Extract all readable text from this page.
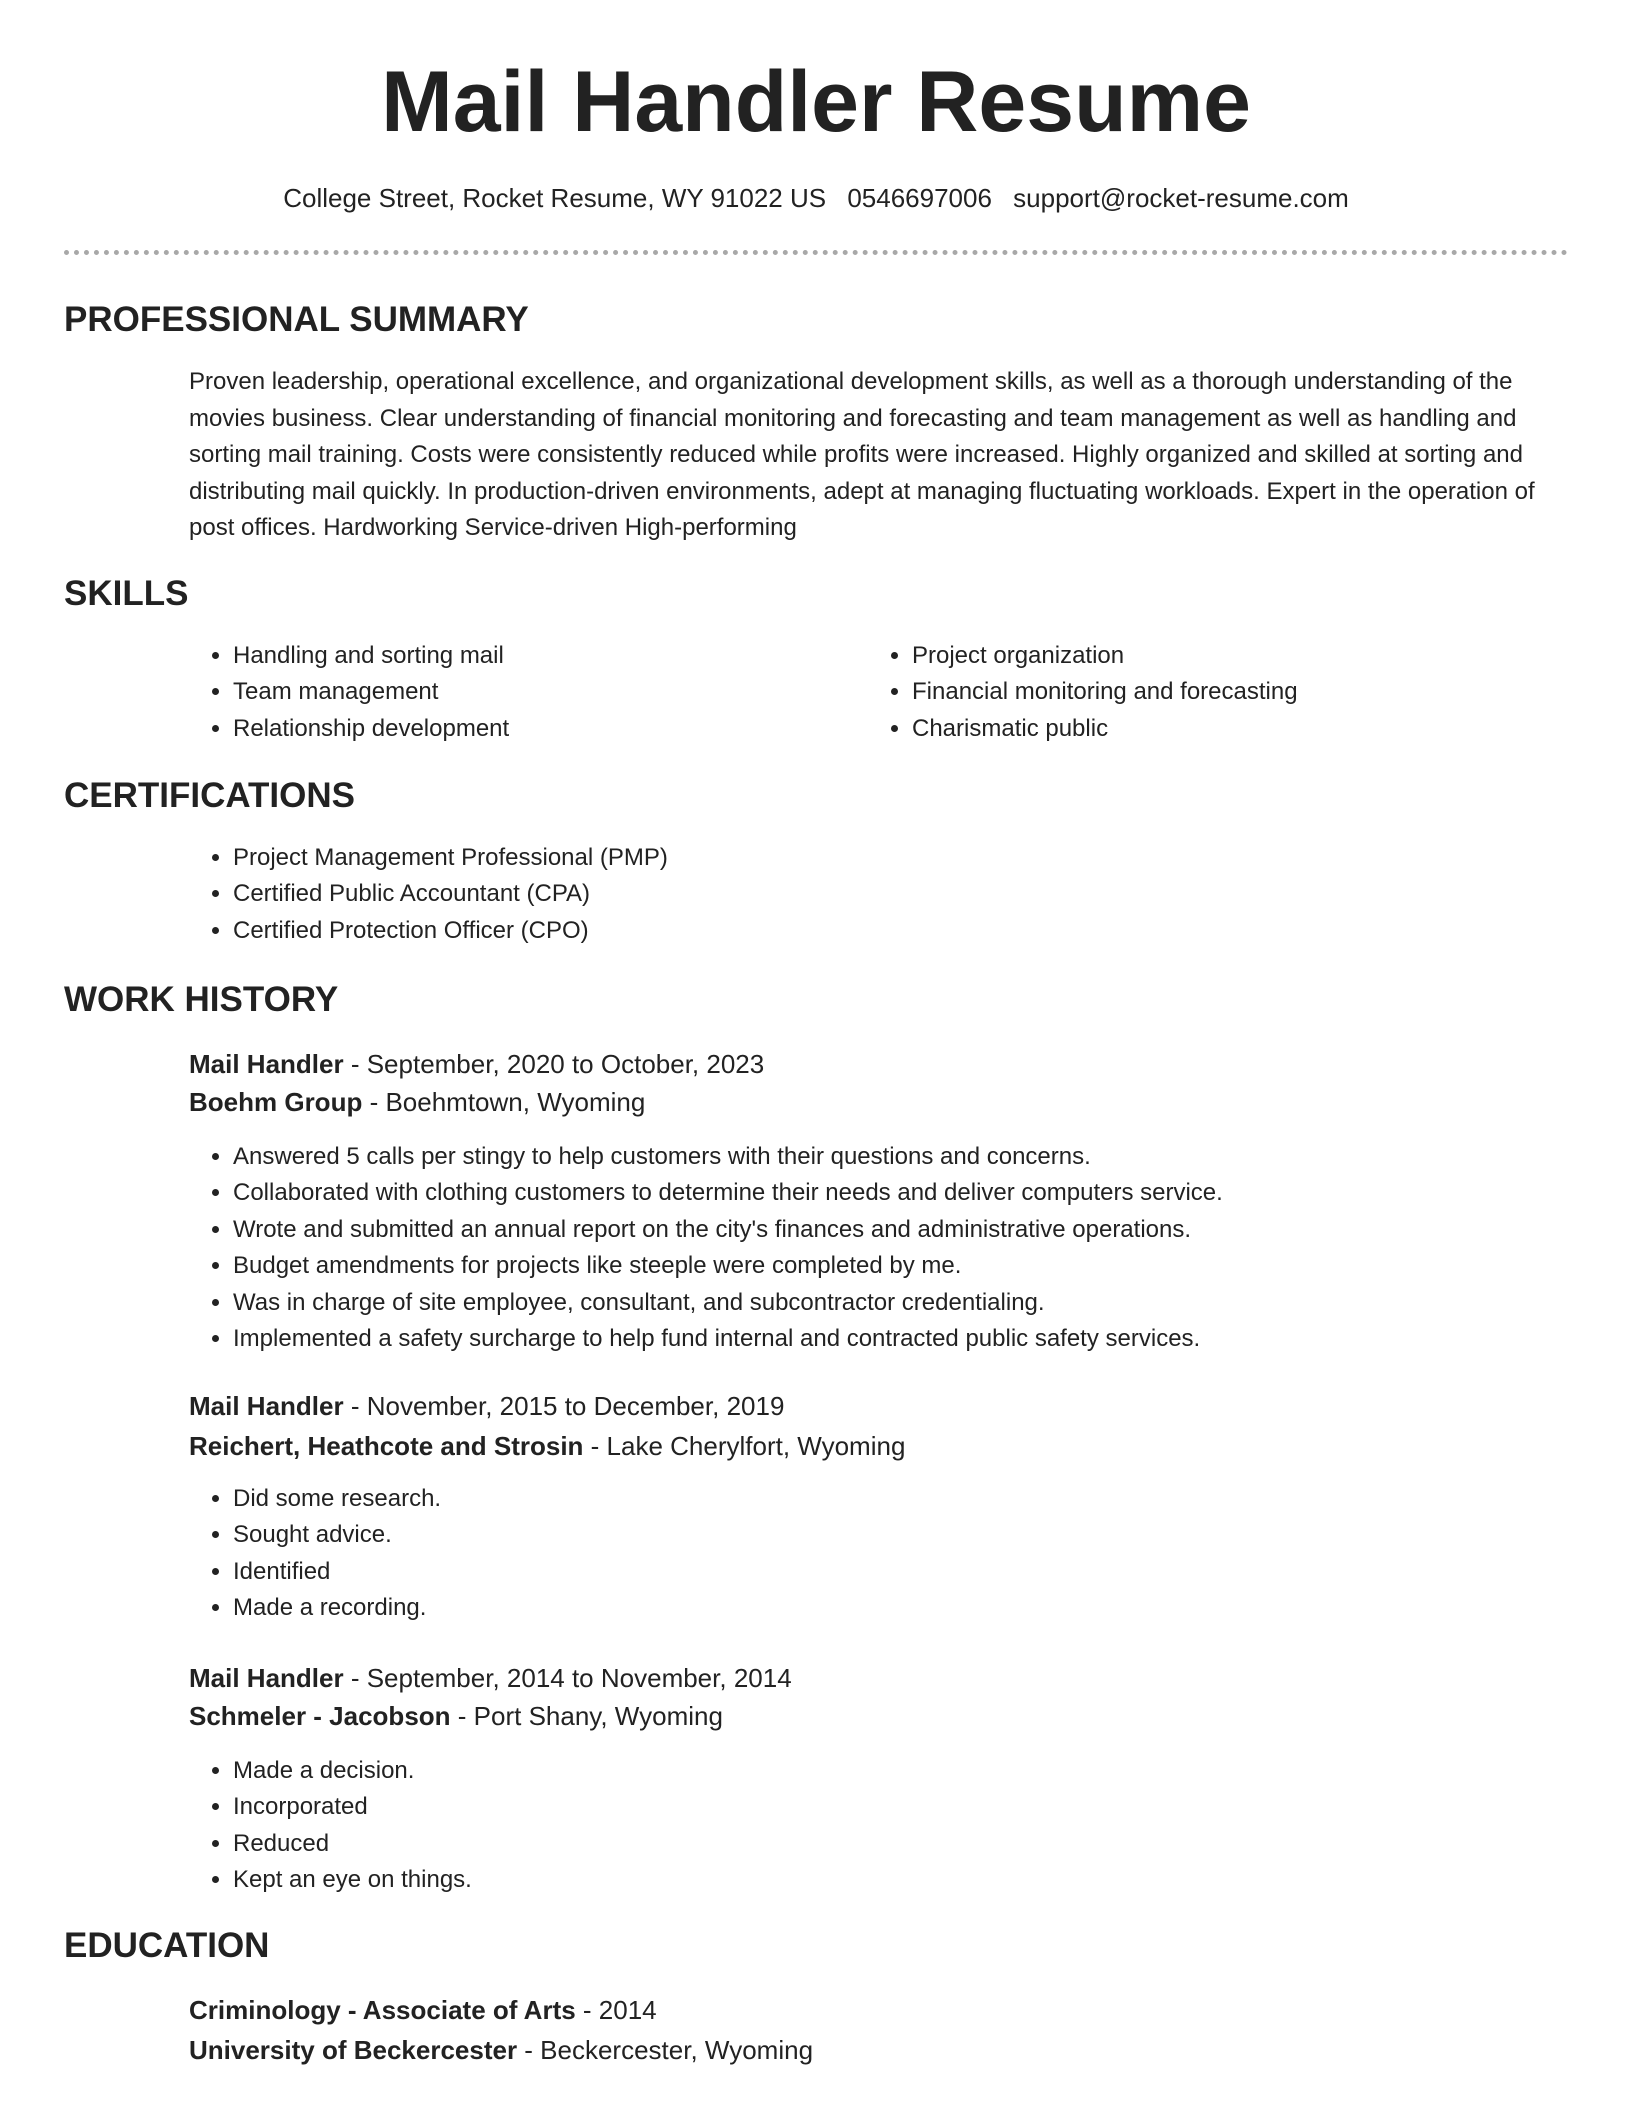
Mail Handler Resume
College Street, Rocket Resume, WY 91022 US 0546697006 support@rocket-resume.com
PROFESSIONAL SUMMARY

Proven leadership, operational excellence, and organizational development skills, as well as a thorough understanding of the movies business. Clear understanding of financial monitoring and forecasting and team management as well as handling and sorting mail training. Costs were consistently reduced while profits were increased. Highly organized and skilled at sorting and distributing mail quickly. In production-driven environments, adept at managing fluctuating workloads. Expert in the operation of post offices. Hardworking Service-driven High-performing

SKILLS
• Handling and sorting mail
• Team management
• Relationship development
• Project organization
• Financial monitoring and forecasting
• Charismatic public
CERTIFICATIONS
• Project Management Professional (PMP)
• Certified Public Accountant (CPA)
• Certified Protection Officer (CPO)
WORK HISTORY
Mail Handler - September, 2020 to October, 2023
Boehm Group - Boehmtown, Wyoming
• Answered 5 calls per stingy to help customers with their questions and concerns.
• Collaborated with clothing customers to determine their needs and deliver computers service.
• Wrote and submitted an annual report on the city's finances and administrative operations.
• Budget amendments for projects like steeple were completed by me.
• Was in charge of site employee, consultant, and subcontractor credentialing.
• Implemented a safety surcharge to help fund internal and contracted public safety services.
Mail Handler - November, 2015 to December, 2019
Reichert, Heathcote and Strosin - Lake Cherylfort, Wyoming
• Did some research.
• Sought advice.
• Identified
• Made a recording.
Mail Handler - September, 2014 to November, 2014
Schmeler - Jacobson - Port Shany, Wyoming
• Made a decision.
• Incorporated
• Reduced
• Kept an eye on things.
EDUCATION
Criminology - Associate of Arts - 2014
University of Beckercester - Beckercester, Wyoming
